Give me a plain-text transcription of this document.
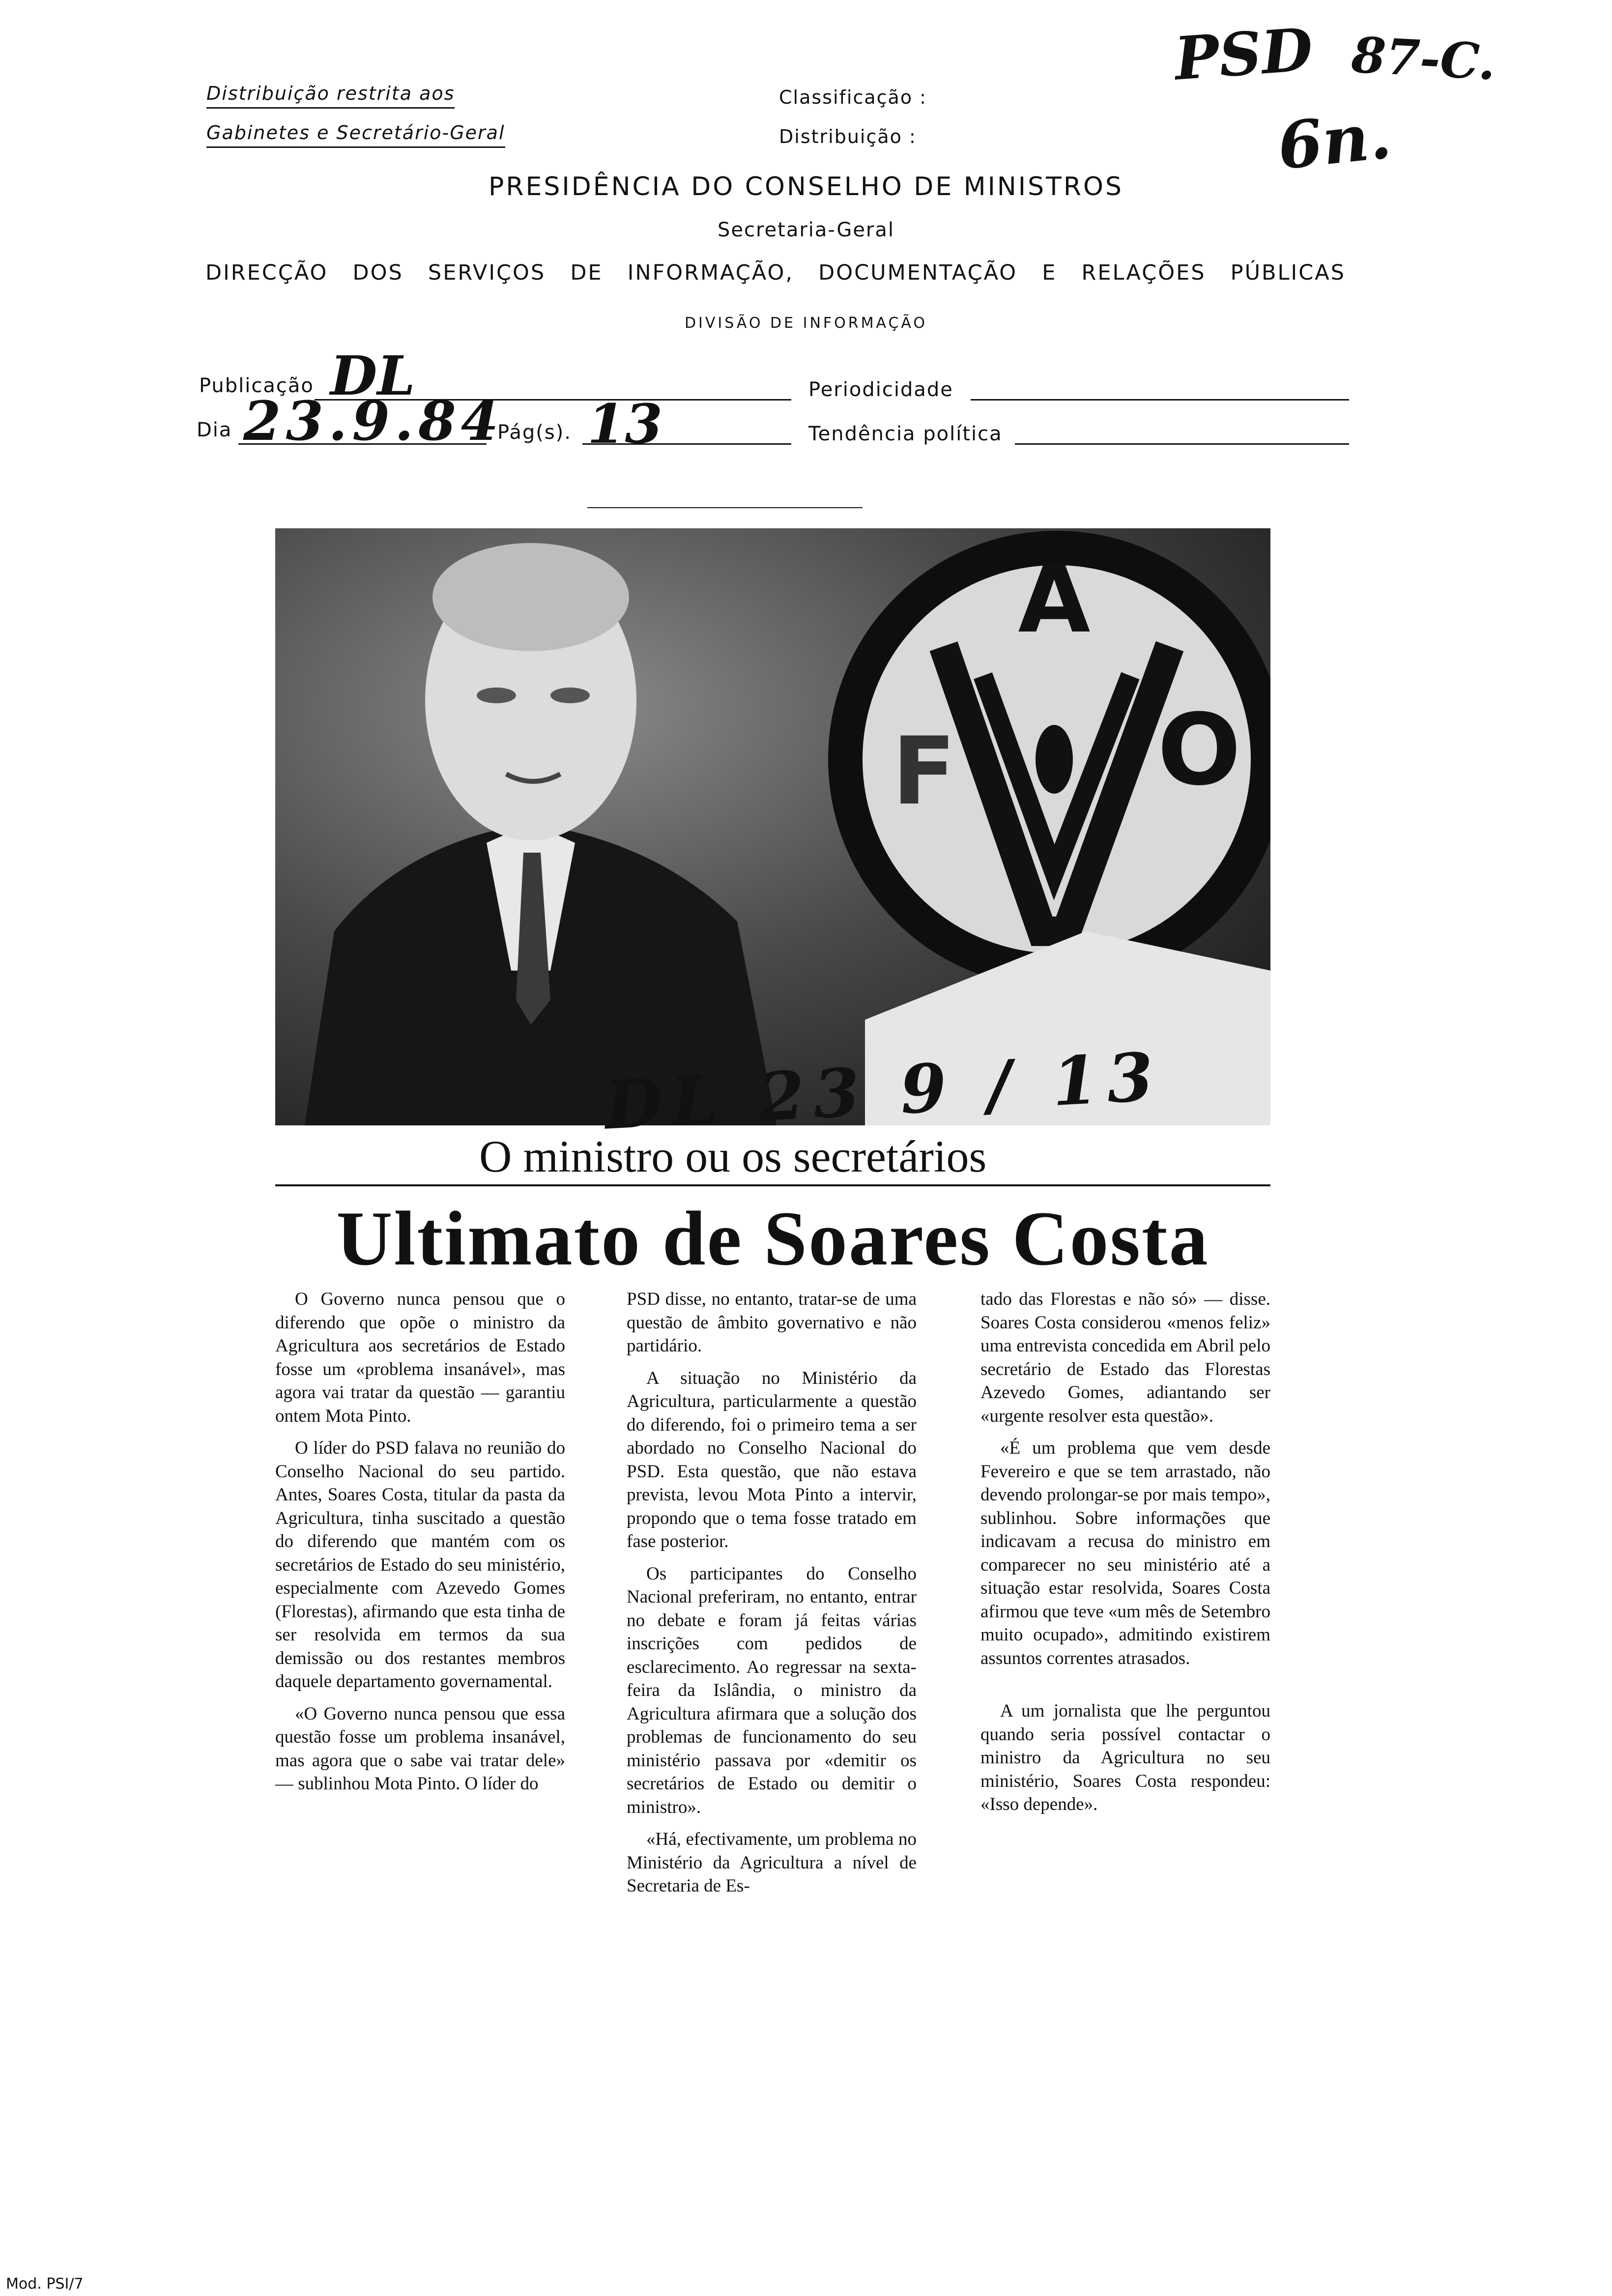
Distribuição restrita aos
Gabinetes e Secretário-Geral
Classificação :
Distribuição :
PSD 87-C.
6n.
PRESIDÊNCIA DO CONSELHO DE MINISTROS
Secretaria-Geral
DIRECÇÃO DOS SERVIÇOS DE INFORMAÇÃO, DOCUMENTAÇÃO E RELAÇÕES PÚBLICAS
DIVISÃO DE INFORMAÇÃO
Publicação DL	Periodicidade
Dia 23.9.84
Pág(s). 13	Tendência política
A
F O
DL 23 9 / 13
O ministro ou os secretários
Ultimato de Soares Costa

O Governo nunca pensou que o diferendo que opõe o ministro da Agricultura aos secretários de Estado fosse um «problema insanável», mas agora vai tratar da questão — garantiu ontem Mota Pinto.

O líder do PSD falava no reunião do Conselho Nacional do seu partido. Antes, Soares Costa, titular da pasta da Agricultura, tinha suscitado a questão do diferendo que mantém com os secretários de Estado do seu ministério, especialmente com Azevedo Gomes (Florestas), afirmando que esta tinha de ser resolvida em termos da sua demissão ou dos restantes membros daquele departamento governamental.

«O Governo nunca pensou que essa questão fosse um problema insanável, mas agora que o sabe vai tratar dele» — sublinhou Mota Pinto. O líder do

PSD disse, no entanto, tratar-se de uma questão de âmbito governativo e não partidário.

A situação no Ministério da Agricultura, particularmente a questão do diferendo, foi o primeiro tema a ser abordado no Conselho Nacional do PSD. Esta questão, que não estava prevista, levou Mota Pinto a intervir, propondo que o tema fosse tratado em fase posterior.

Os participantes do Conselho Nacional preferiram, no entanto, entrar no debate e foram já feitas várias inscrições com pedidos de esclarecimento. Ao regressar na sexta-feira da Islândia, o ministro da Agricultura afirmara que a solução dos problemas de funcionamento do seu ministério passava por «demitir os secretários de Estado ou demitir o ministro».

«Há, efectivamente, um problema no Ministério da Agricultura a nível de Secretaria de Es-

tado das Florestas e não só» — disse. Soares Costa considerou «menos feliz» uma entrevista concedida em Abril pelo secretário de Estado das Florestas Azevedo Gomes, adiantando ser «urgente resolver esta questão».

«É um problema que vem desde Fevereiro e que se tem arrastado, não devendo prolongar-se por mais tempo», sublinhou. Sobre informações que indicavam a recusa do ministro em comparecer no seu ministério até a situação estar resolvida, Soares Costa afirmou que teve «um mês de Setembro muito ocupado», admitindo existirem assuntos correntes atrasados.

A um jornalista que lhe perguntou quando seria possível contactar o ministro da Agricultura no seu ministério, Soares Costa respondeu: «Isso depende».

Mod. PSI/7
